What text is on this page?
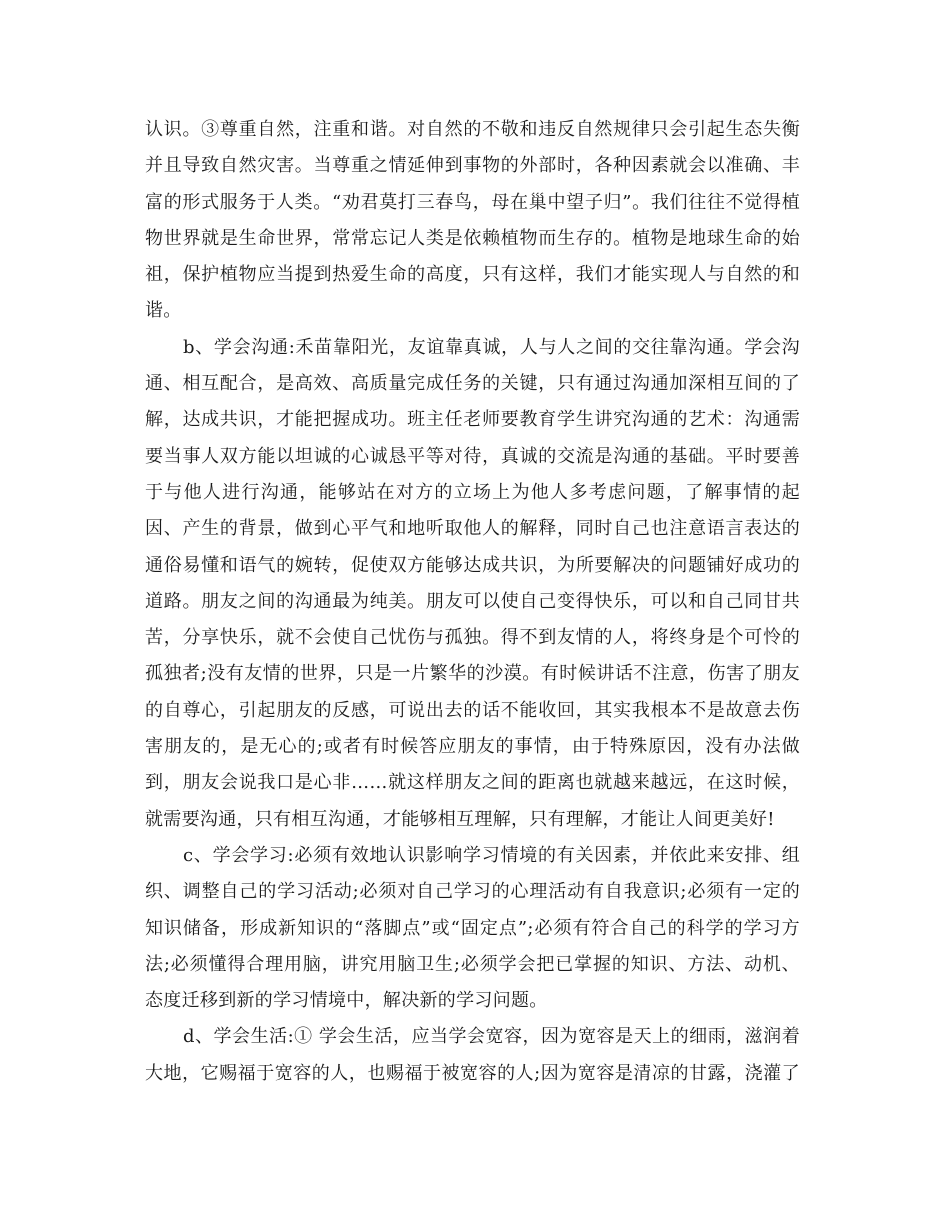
认识。③尊重自然，注重和谐。对自然的不敬和违反自然规律只会引起生态失衡
并且导致自然灾害。当尊重之情延伸到事物的外部时，各种因素就会以准确、丰
富的形式服务于人类。“劝君莫打三春鸟，母在巢中望子归”。我们往往不觉得植
物世界就是生命世界，常常忘记人类是依赖植物而生存的。植物是地球生命的始
祖，保护植物应当提到热爱生命的高度，只有这样，我们才能实现人与自然的和
谐。
b、学会沟通:禾苗靠阳光，友谊靠真诚，人与人之间的交往靠沟通。学会沟
通、相互配合，是高效、高质量完成任务的关键，只有通过沟通加深相互间的了
解，达成共识，才能把握成功。班主任老师要教育学生讲究沟通的艺术：沟通需
要当事人双方能以坦诚的心诚恳平等对待，真诚的交流是沟通的基础。平时要善
于与他人进行沟通，能够站在对方的立场上为他人多考虑问题，了解事情的起
因、产生的背景，做到心平气和地听取他人的解释，同时自己也注意语言表达的
通俗易懂和语气的婉转，促使双方能够达成共识，为所要解决的问题铺好成功的
道路。朋友之间的沟通最为纯美。朋友可以使自己变得快乐，可以和自己同甘共
苦，分享快乐，就不会使自己忧伤与孤独。得不到友情的人，将终身是个可怜的
孤独者;没有友情的世界，只是一片繁华的沙漠。有时候讲话不注意，伤害了朋友
的自尊心，引起朋友的反感，可说出去的话不能收回，其实我根本不是故意去伤
害朋友的，是无心的;或者有时候答应朋友的事情，由于特殊原因，没有办法做
到，朋友会说我口是心非……就这样朋友之间的距离也就越来越远，在这时候，
就需要沟通，只有相互沟通，才能够相互理解，只有理解，才能让人间更美好!
c、学会学习:必须有效地认识影响学习情境的有关因素，并依此来安排、组
织、调整自己的学习活动;必须对自己学习的心理活动有自我意识;必须有一定的
知识储备，形成新知识的“落脚点”或“固定点”;必须有符合自己的科学的学习方
法;必须懂得合理用脑，讲究用脑卫生;必须学会把已掌握的知识、方法、动机、
态度迁移到新的学习情境中，解决新的学习问题。
d、学会生活:① 学会生活，应当学会宽容，因为宽容是天上的细雨，滋润着
大地，它赐福于宽容的人，也赐福于被宽容的人;因为宽容是清凉的甘露，浇灌了
